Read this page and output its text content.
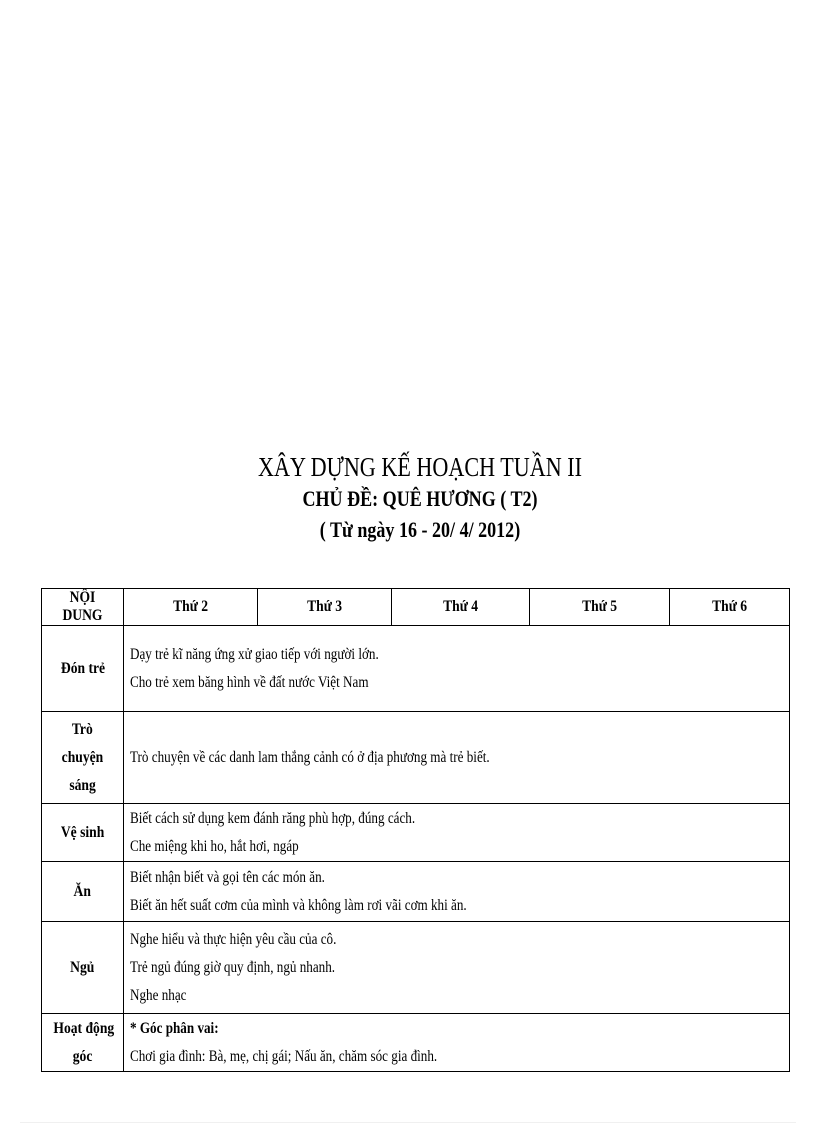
XÂY DỰNG KẾ HOẠCH TUẦN II
CHỦ ĐỀ: QUÊ HƯƠNG ( T2)
( Từ ngày 16 - 20/ 4/ 2012)
NỘI DUNG	Thứ 2	Thứ 3	Thứ 4	Thứ 5	Thứ 6
Đón trẻ	Dạy trẻ kĩ năng ứng xử giao tiếp với người lớn.
Cho trẻ xem băng hình về đất nước Việt Nam				

Trò
chuyện
sáng	Trò chuyện về các danh lam thắng cảnh có ở địa phương mà trẻ biết.				

Vệ sinh	Biết cách sử dụng kem đánh răng phù hợp, đúng cách.
Che miệng khi ho, hắt hơi, ngáp				

Ăn	Biết nhận biết và gọi tên các món ăn.
Biết ăn hết suất cơm của mình và không làm rơi vãi cơm khi ăn.				

Ngủ	Nghe hiểu và thực hiện yêu cầu của cô.
Trẻ ngủ đúng giờ quy định, ngủ nhanh.
Nghe nhạc				

Hoạt động
góc	* Góc phân vai:
Chơi gia đình: Bà, mẹ, chị gái; Nấu ăn, chăm sóc gia đình.				
